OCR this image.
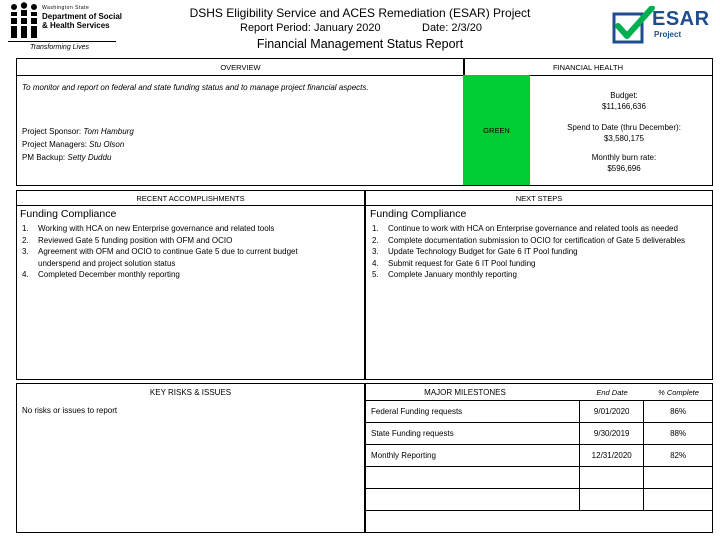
Washington State
Department of Social & Health Services
Transforming Lives
DSHS Eligibility Service and ACES Remediation (ESAR) Project
Report Period: January 2020	Date: 2/3/20
Financial Management Status Report
ESAR
Project
OVERVIEW
To monitor and report on federal and state funding status and to manage project financial aspects.
Project Sponsor: Tom Hamburg
Project Managers: Stu Olson
PM Backup: Setty Duddu
FINANCIAL HEALTH
GREEN
Budget:
$11,166,636
Spend to Date (thru December):
$3,580,175
Monthly burn rate:
$596,696
RECENT ACCOMPLISHMENTS
Funding Compliance
1. Working with HCA on new Enterprise governance and related tools
2. Reviewed Gate 5 funding position with OFM and OCIO
3. Agreement with OFM and OCIO to continue Gate 5 due to current budget underspend and project solution status
4. Completed December monthly reporting
NEXT STEPS
Funding Compliance
1. Continue to work with HCA on Enterprise governance and related tools as needed
2. Complete documentation submission to OCIO for certification of Gate 5 deliverables
3. Update Technology Budget for Gate 6 IT Pool funding
4. Submit request for Gate 6 IT Pool funding
5. Complete January monthly reporting
KEY RISKS & ISSUES
No risks or issues to report
MAJOR MILESTONES	End Date	% Complete
Federal Funding requests	9/01/2020	86%
State Funding requests	9/30/2019	88%
Monthly Reporting	12/31/2020	82%
